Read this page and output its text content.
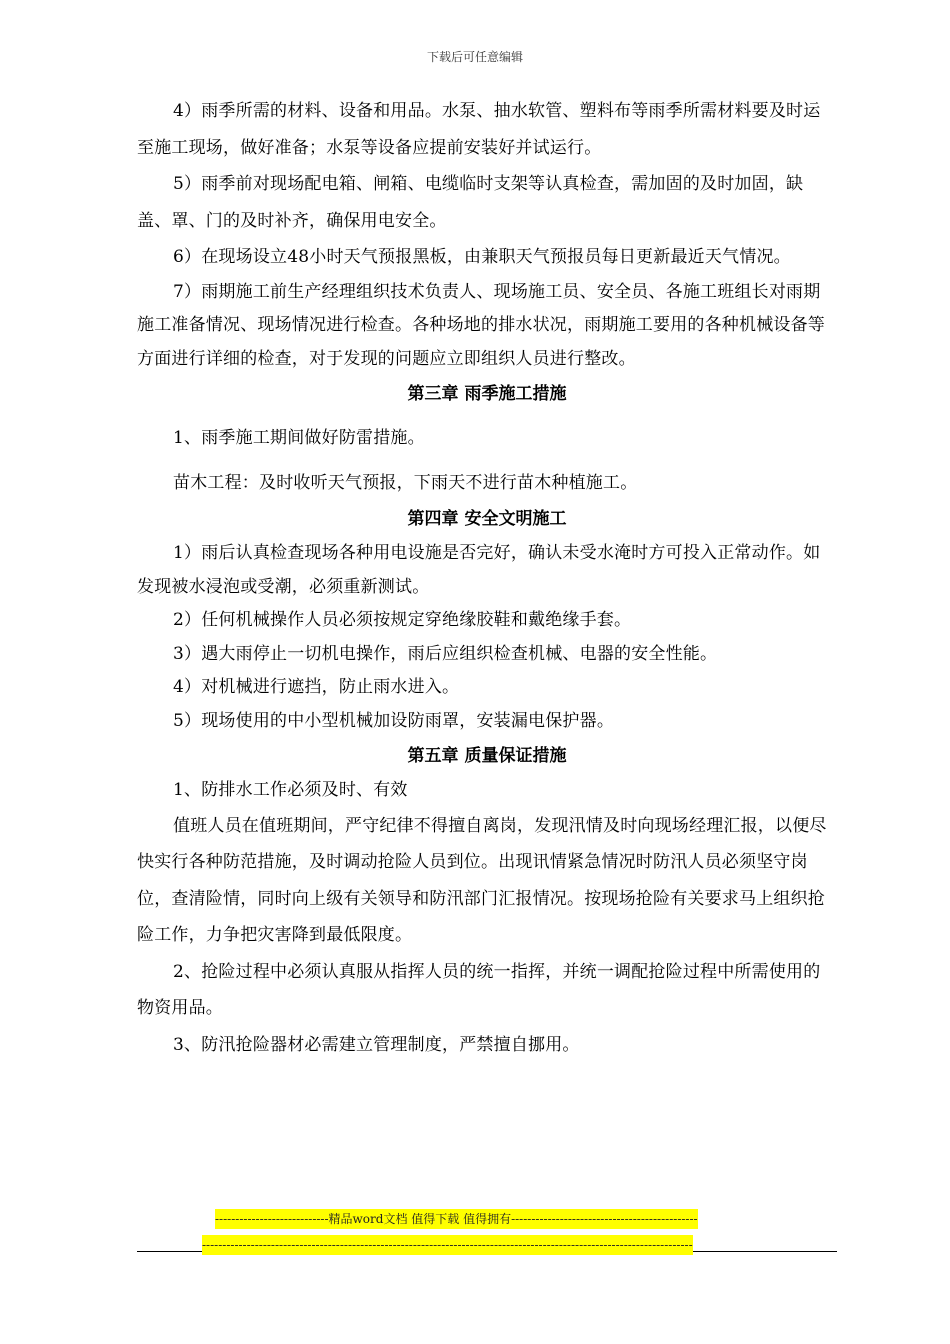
下载后可任意编辑

4）雨季所需的材料、设备和用品。水泵、抽水软管、塑料布等雨季所需材料要及时运至施工现场，做好准备；水泵等设备应提前安装好并试运行。

5）雨季前对现场配电箱、闸箱、电缆临时支架等认真检查，需加固的及时加固，缺盖、罩、门的及时补齐，确保用电安全。

6）在现场设立48小时天气预报黑板，由兼职天气预报员每日更新最近天气情况。

7）雨期施工前生产经理组织技术负责人、现场施工员、安全员、各施工班组长对雨期施工准备情况、现场情况进行检查。各种场地的排水状况，雨期施工要用的各种机械设备等方面进行详细的检查，对于发现的问题应立即组织人员进行整改。

第三章 雨季施工措施

1、雨季施工期间做好防雷措施。

苗木工程：及时收听天气预报，下雨天不进行苗木种植施工。

第四章 安全文明施工

1）雨后认真检查现场各种用电设施是否完好，确认未受水淹时方可投入正常动作。如发现被水浸泡或受潮，必须重新测试。

2）任何机械操作人员必须按规定穿绝缘胶鞋和戴绝缘手套。

3）遇大雨停止一切机电操作，雨后应组织检查机械、电器的安全性能。

4）对机械进行遮挡，防止雨水进入。

5）现场使用的中小型机械加设防雨罩，安装漏电保护器。

第五章 质量保证措施

1、防排水工作必须及时、有效

值班人员在值班期间，严守纪律不得擅自离岗，发现汛情及时向现场经理汇报，以便尽快实行各种防范措施，及时调动抢险人员到位。出现讯情紧急情况时防汛人员必须坚守岗位，查清险情，同时向上级有关领导和防汛部门汇报情况。按现场抢险有关要求马上组织抢险工作，力争把灾害降到最低限度。

2、抢险过程中必须认真服从指挥人员的统一指挥，并统一调配抢险过程中所需使用的物资用品。

3、防汛抢险器材必需建立管理制度，严禁擅自挪用。

----------------------------精品word文档 值得下载 值得拥有----------------------------------------------
-------------------------------------------------------------------------------------------------------------------------
